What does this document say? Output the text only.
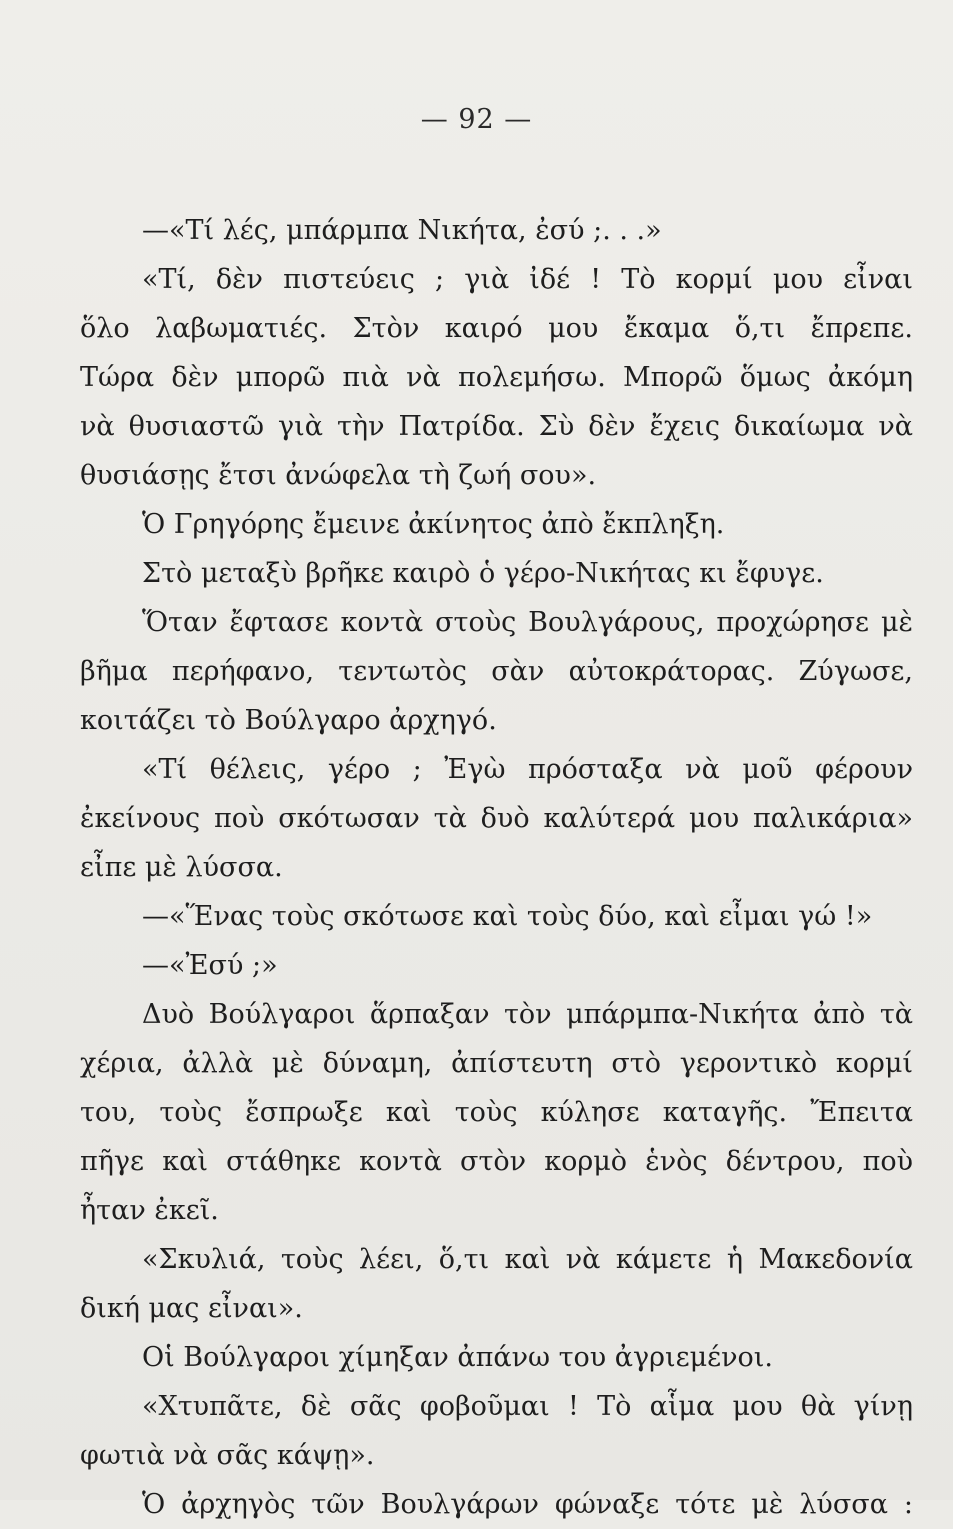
— 92 —
—«Τί λές, μπάρμπα Νικήτα, ἐσύ ;. . .»
«Τί, δὲν πιστεύεις ; γιὰ ἰδέ ! Τὸ κορμί μου εἶναι
ὅλο λαβωματιές. Στὸν καιρό μου ἔκαμα ὅ,τι ἔπρεπε.
Τώρα δὲν μπορῶ πιὰ νὰ πολεμήσω. Μπορῶ ὅμως ἀκόμη
νὰ θυσιαστῶ γιὰ τὴν Πατρίδα. Σὺ δὲν ἔχεις δικαίωμα νὰ
θυσιάσῃς ἔτσι ἀνώφελα τὴ ζωή σου».
Ὁ Γρηγόρης ἔμεινε ἀκίνητος ἀπὸ ἔκπληξη.
Στὸ μεταξὺ βρῆκε καιρὸ ὁ γέρο-Νικήτας κι ἔφυγε.
Ὅταν ἔφτασε κοντὰ στοὺς Βουλγάρους, προχώρησε μὲ
βῆμα περήφανο, τεντωτὸς σὰν αὐτοκράτορας. Ζύγωσε,
κοιτάζει τὸ Βούλγαρο ἀρχηγό.
«Τί θέλεις, γέρο ; Ἐγὼ πρόσταξα νὰ μοῦ φέρουν
ἐκείνους ποὺ σκότωσαν τὰ δυὸ καλύτερά μου παλικάρια»
εἶπε μὲ λύσσα.
—«Ἕνας τοὺς σκότωσε καὶ τοὺς δύο, καὶ εἶμαι γώ !»
—«Ἐσύ ;»
Δυὸ Βούλγαροι ἅρπαξαν τὸν μπάρμπα-Νικήτα ἀπὸ τὰ
χέρια, ἀλλὰ μὲ δύναμη, ἀπίστευτη στὸ γεροντικὸ κορμί
του, τοὺς ἔσπρωξε καὶ τοὺς κύλησε καταγῆς. Ἔπειτα
πῆγε καὶ στάθηκε κοντὰ στὸν κορμὸ ἑνὸς δέντρου, ποὺ
ἦταν ἐκεῖ.
«Σκυλιά, τοὺς λέει, ὅ,τι καὶ νὰ κάμετε ἡ Μακεδονία
δική μας εἶναι».
Οἱ Βούλγαροι χίμηξαν ἀπάνω του ἀγριεμένοι.
«Χτυπᾶτε, δὲ σᾶς φοβοῦμαι ! Τὸ αἷμα μου θὰ γίνῃ
φωτιὰ νὰ σᾶς κάψῃ».
Ὁ ἀρχηγὸς τῶν Βουλγάρων φώναξε τότε μὲ λύσσα :
